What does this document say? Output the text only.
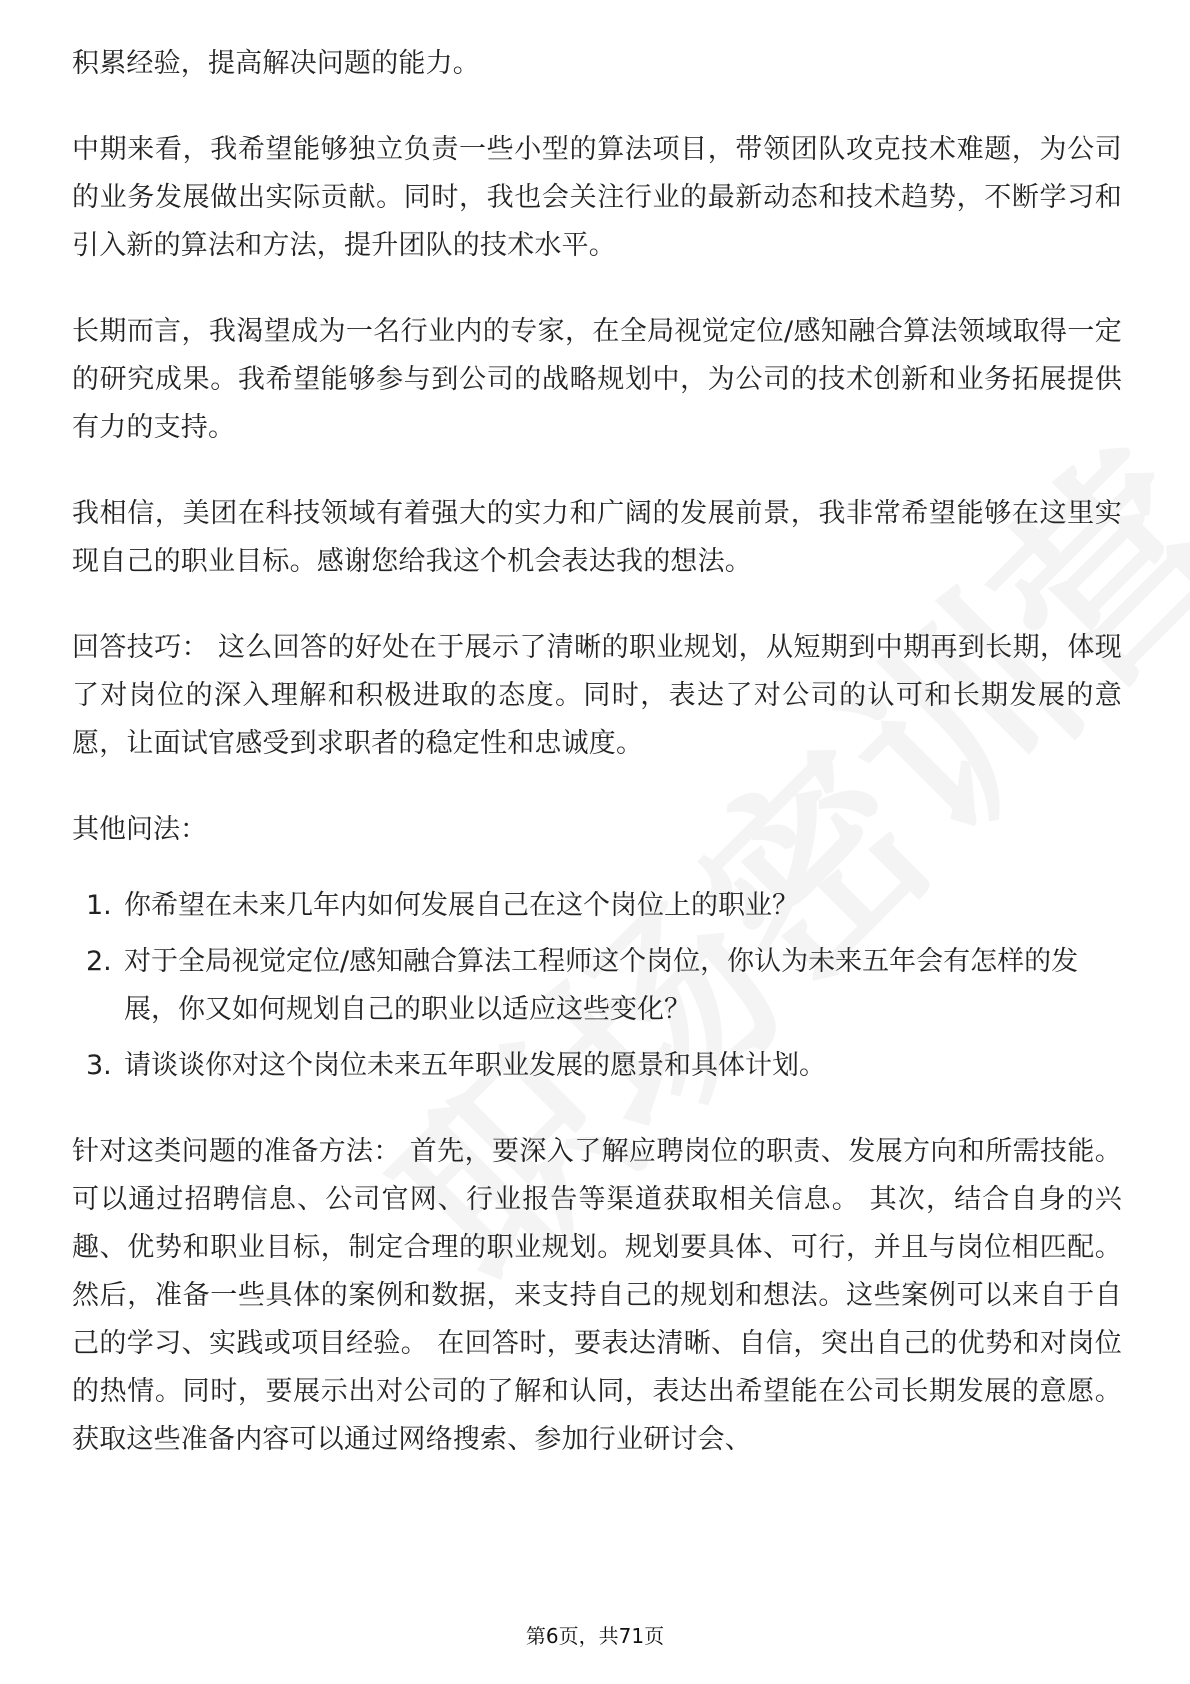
积累经验，提高解决问题的能力。

中期来看，我希望能够独立负责一些小型的算法项目，带领团队攻克技术难题，为公司的业务发展做出实际贡献。同时，我也会关注行业的最新动态和技术趋势，不断学习和引入新的算法和方法，提升团队的技术水平。

长期而言，我渴望成为一名行业内的专家，在全局视觉定位/感知融合算法领域取得一定的研究成果。我希望能够参与到公司的战略规划中，为公司的技术创新和业务拓展提供有力的支持。

我相信，美团在科技领域有着强大的实力和广阔的发展前景，我非常希望能够在这里实现自己的职业目标。感谢您给我这个机会表达我的想法。

回答技巧： 这么回答的好处在于展示了清晰的职业规划，从短期到中期再到长期，体现了对岗位的深入理解和积极进取的态度。同时，表达了对公司的认可和长期发展的意愿，让面试官感受到求职者的稳定性和忠诚度。

其他问法：

1. 你希望在未来几年内如何发展自己在这个岗位上的职业？
2. 对于全局视觉定位/感知融合算法工程师这个岗位，你认为未来五年会有怎样的发展，你又如何规划自己的职业以适应这些变化？
3. 请谈谈你对这个岗位未来五年职业发展的愿景和具体计划。

针对这类问题的准备方法： 首先，要深入了解应聘岗位的职责、发展方向和所需技能。可以通过招聘信息、公司官网、行业报告等渠道获取相关信息。 其次，结合自身的兴趣、优势和职业目标，制定合理的职业规划。规划要具体、可行，并且与岗位相匹配。 然后，准备一些具体的案例和数据，来支持自己的规划和想法。这些案例可以来自于自己的学习、实践或项目经验。 在回答时，要表达清晰、自信，突出自己的优势和对岗位的热情。同时，要展示出对公司的了解和认同，表达出希望能在公司长期发展的意愿。获取这些准备内容可以通过网络搜索、参加行业研讨会、

第6页，共71页
